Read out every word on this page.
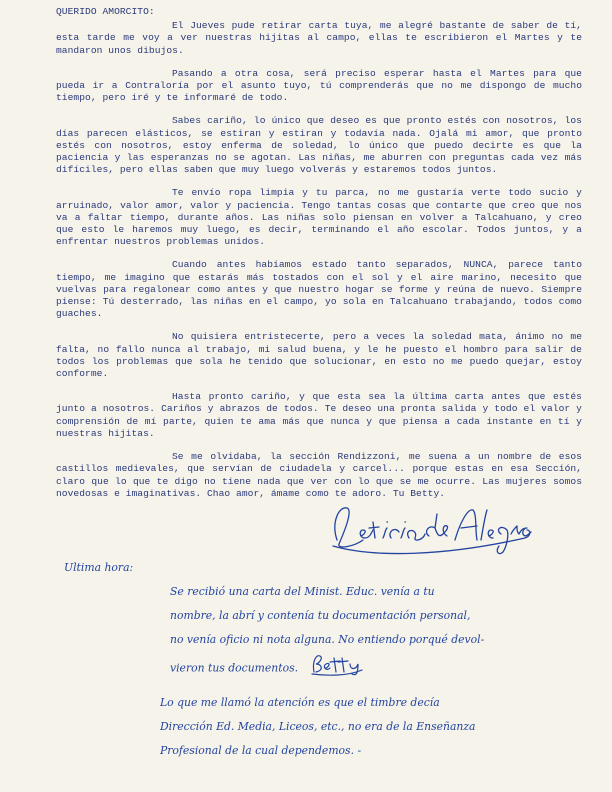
QUERIDO AMORCITO:

El Jueves pude retirar carta tuya, me alegré bastante de saber de tí, esta tarde me voy a ver nuestras hijitas al campo, ellas te escribieron el Martes y te mandaron unos dibujos.

Pasando a otra cosa, será preciso esperar hasta el Martes para que pueda ir a Contraloría por el asunto tuyo, tú comprenderás que no me dispongo de mucho tiempo, pero iré y te informaré de todo.

Sabes cariño, lo único que deseo es que pronto estés con nosotros, los días parecen elásticos, se estiran y estiran y todavía nada. Ojalá mi amor, que pronto estés con nosotros, estoy enferma de soledad, lo único que puedo decirte es que la paciencia y las esperanzas no se agotan. Las niñas, me aburren con preguntas cada vez más difíciles, pero ellas saben que muy luego volverás y estaremos todos juntos.

Te envío ropa limpia y tu parca, no me gustaría verte todo sucio y arruinado, valor amor, valor y paciencia. Tengo tantas cosas que contarte que creo que nos va a faltar tiempo, durante años. Las niñas solo piensan en volver a Talcahuano, y creo que esto le haremos muy luego, es decir, terminando el año escolar. Todos juntos, y a enfrentar nuestros problemas unidos.

Cuando antes habíamos estado tanto separados, NUNCA, parece tanto tiempo, me imagino que estarás más tostados con el sol y el aire marino, necesito que vuelvas para regalonear como antes y que nuestro hogar se forme y reúna de nuevo. Siempre piense: Tú desterrado, las niñas en el campo, yo sola en Talcahuano trabajando, todos como guaches.

No quisiera entristecerte, pero a veces la soledad mata, ánimo no me falta, no fallo nunca al trabajo, mi salud buena, y le he puesto el hombro para salir de todos los problemas que sola he tenido que solucionar, en esto no me puedo quejar, estoy conforme.

Hasta pronto cariño, y que esta sea la última carta antes que estés junto a nosotros. Cariños y abrazos de todos. Te deseo una pronta salida y todo el valor y comprensión de mí parte, quien te ama más que nunca y que piensa a cada instante en tí y nuestras hijitas.

Se me olvidaba, la sección Rendizzoni, me suena a un nombre de esos castillos medievales, que servían de ciudadela y carcel... porque estas en esa Sección, claro que lo que te digo no tiene nada que ver con lo que se me ocurre. Las mujeres somos novedosas e imaginativas. Chao amor, ámame como te adoro. Tu Betty.

Ultima hora:
Se recibió una carta del Minist. Educ. venía a tu
nombre, la abrí y contenía tu documentación personal,
no venía oficio ni nota alguna. No entiendo porqué devol-
vieron tus documentos.
Lo que me llamó la atención es que el timbre decía
Dirección Ed. Media, Liceos, etc., no era de la Enseñanza
Profesional de la cual dependemos. -
